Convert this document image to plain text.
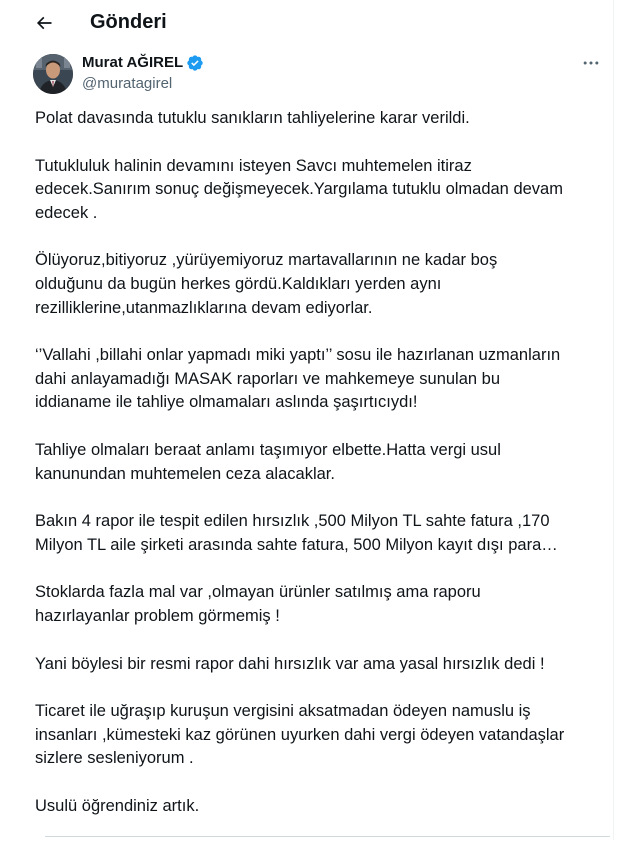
Gönderi
Murat AĞIREL
@muratagirel

Polat davasında tutuklu sanıkların tahliyelerine karar verildi.

Tutukluluk halinin devamını isteyen Savcı muhtemelen itiraz
edecek.Sanırım sonuç değişmeyecek.Yargılama tutuklu olmadan devam
edecek .

Ölüyoruz,bitiyoruz ,yürüyemiyoruz martavallarının ne kadar boş
olduğunu da bugün herkes gördü.Kaldıkları yerden aynı
rezilliklerine,utanmazlıklarına devam ediyorlar.

‘’Vallahi ,billahi onlar yapmadı miki yaptı’’ sosu ile hazırlanan uzmanların
dahi anlayamadığı MASAK raporları ve mahkemeye sunulan bu
iddianame ile tahliye olmamaları aslında şaşırtıcıydı!

Tahliye olmaları beraat anlamı taşımıyor elbette.Hatta vergi usul
kanunundan muhtemelen ceza alacaklar.

Bakın 4 rapor ile tespit edilen hırsızlık ,500 Milyon TL sahte fatura ,170
Milyon TL aile şirketi arasında sahte fatura, 500 Milyon kayıt dışı para…

Stoklarda fazla mal var ,olmayan ürünler satılmış ama raporu
hazırlayanlar problem görmemiş !

Yani böylesi bir resmi rapor dahi hırsızlık var ama yasal hırsızlık dedi !

Ticaret ile uğraşıp kuruşun vergisini aksatmadan ödeyen namuslu iş
insanları ,kümesteki kaz görünen uyurken dahi vergi ödeyen vatandaşlar
sizlere sesleniyorum .

Usulü öğrendiniz artık.
